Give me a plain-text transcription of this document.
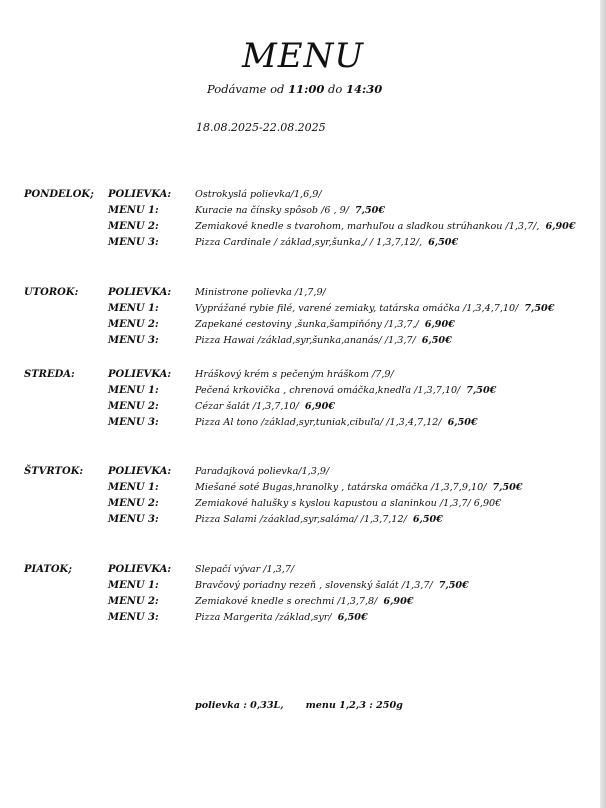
MENU
Podávame od 11:00 do 14:30
18.08.2025-22.08.2025
PONDELOK; POLIEVKA: Ostrokyslá polievka/1,6,9/
MENU 1:	Kuracie na čínsky spôsob /6 , 9/ 7,50€
MENU 2:	Zemiakové knedle s tvarohom, marhuľou a sladkou strúhankou /1,3,7/, 6,90€
MENU 3:	Pizza Cardinale / základ,syr,šunka,/ / 1,3,7,12/, 6,50€
UTOROK:	POLIEVKA: Ministrone polievka /1,7,9/
MENU 1:	Vyprážané rybie filé, varené zemiaky, tatárska omáčka /1,3,4,7,10/ 7,50€
MENU 2:	Zapekané cestoviny ,šunka,šampiňóny /1,3,7,/ 6,90€
MENU 3:	Pizza Hawai /základ,syr,šunka,ananás/ /1,3,7/ 6,50€
STREDA:	POLIEVKA: Hráškový krém s pečeným hráškom /7,9/
MENU 1:	Pečená krkovička , chrenová omáčka,knedľa /1,3,7,10/ 7,50€
MENU 2:	Cézar šalát /1,3,7,10/ 6,90€
MENU 3:	Pizza Al tono /základ,syr,tuniak,cibuľa/ /1,3,4,7,12/ 6,50€
ŠTVRTOK: POLIEVKA: Paradajková polievka/1,3,9/
MENU 1:	Miešané soté Bugas,hranolky , tatárska omáčka /1,3,7,9,10/ 7,50€
MENU 2:	Zemiakové halušky s kyslou kapustou a slaninkou /1,3,7/ 6,90€
MENU 3:	Pizza Salami /záaklad,syr,saláma/ /1,3,7,12/ 6,50€
PIATOK;	POLIEVKA: Slepačí vývar /1,3,7/
MENU 1:	Bravčový poriadny rezeň , slovenský šalát /1,3,7/ 7,50€
MENU 2:	Zemiakové knedle s orechmi /1,3,7,8/ 6,90€
MENU 3:	Pizza Margerita /základ,syr/ 6,50€
polievka : 0,33L, menu 1,2,3 : 250g
